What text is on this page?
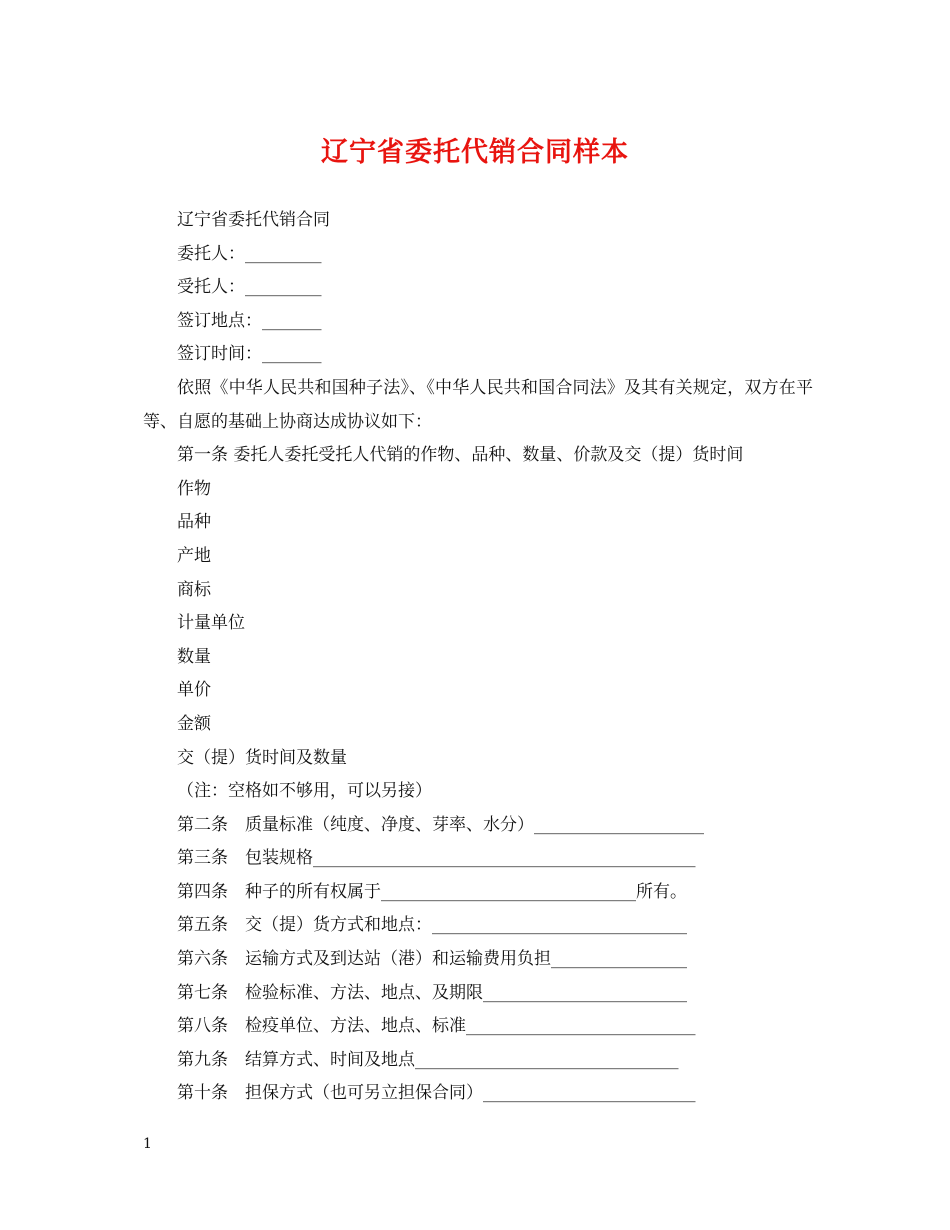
辽宁省委托代销合同样本
辽宁省委托代销合同
委托人：_________
受托人：_________
签订地点：_______
签订时间：_______
依照《中华人民共和国种子法》、《中华人民共和国合同法》及其有关规定，双方在平等、自愿的基础上协商达成协议如下：
第一条 委托人委托受托人代销的作物、品种、数量、价款及交（提）货时间
作物
品种
产地
商标
计量单位
数量
单价
金额
交（提）货时间及数量
（注：空格如不够用，可以另接）
第二条　质量标准（纯度、净度、芽率、水分）____________________
第三条　包装规格_____________________________________________
第四条　种子的所有权属于______________________________所有。
第五条　交（提）货方式和地点：______________________________
第六条　运输方式及到达站（港）和运输费用负担________________
第七条　检验标准、方法、地点、及期限________________________
第八条　检疫单位、方法、地点、标准___________________________
第九条　结算方式、时间及地点_______________________________
第十条　担保方式（也可另立担保合同）_________________________
1
